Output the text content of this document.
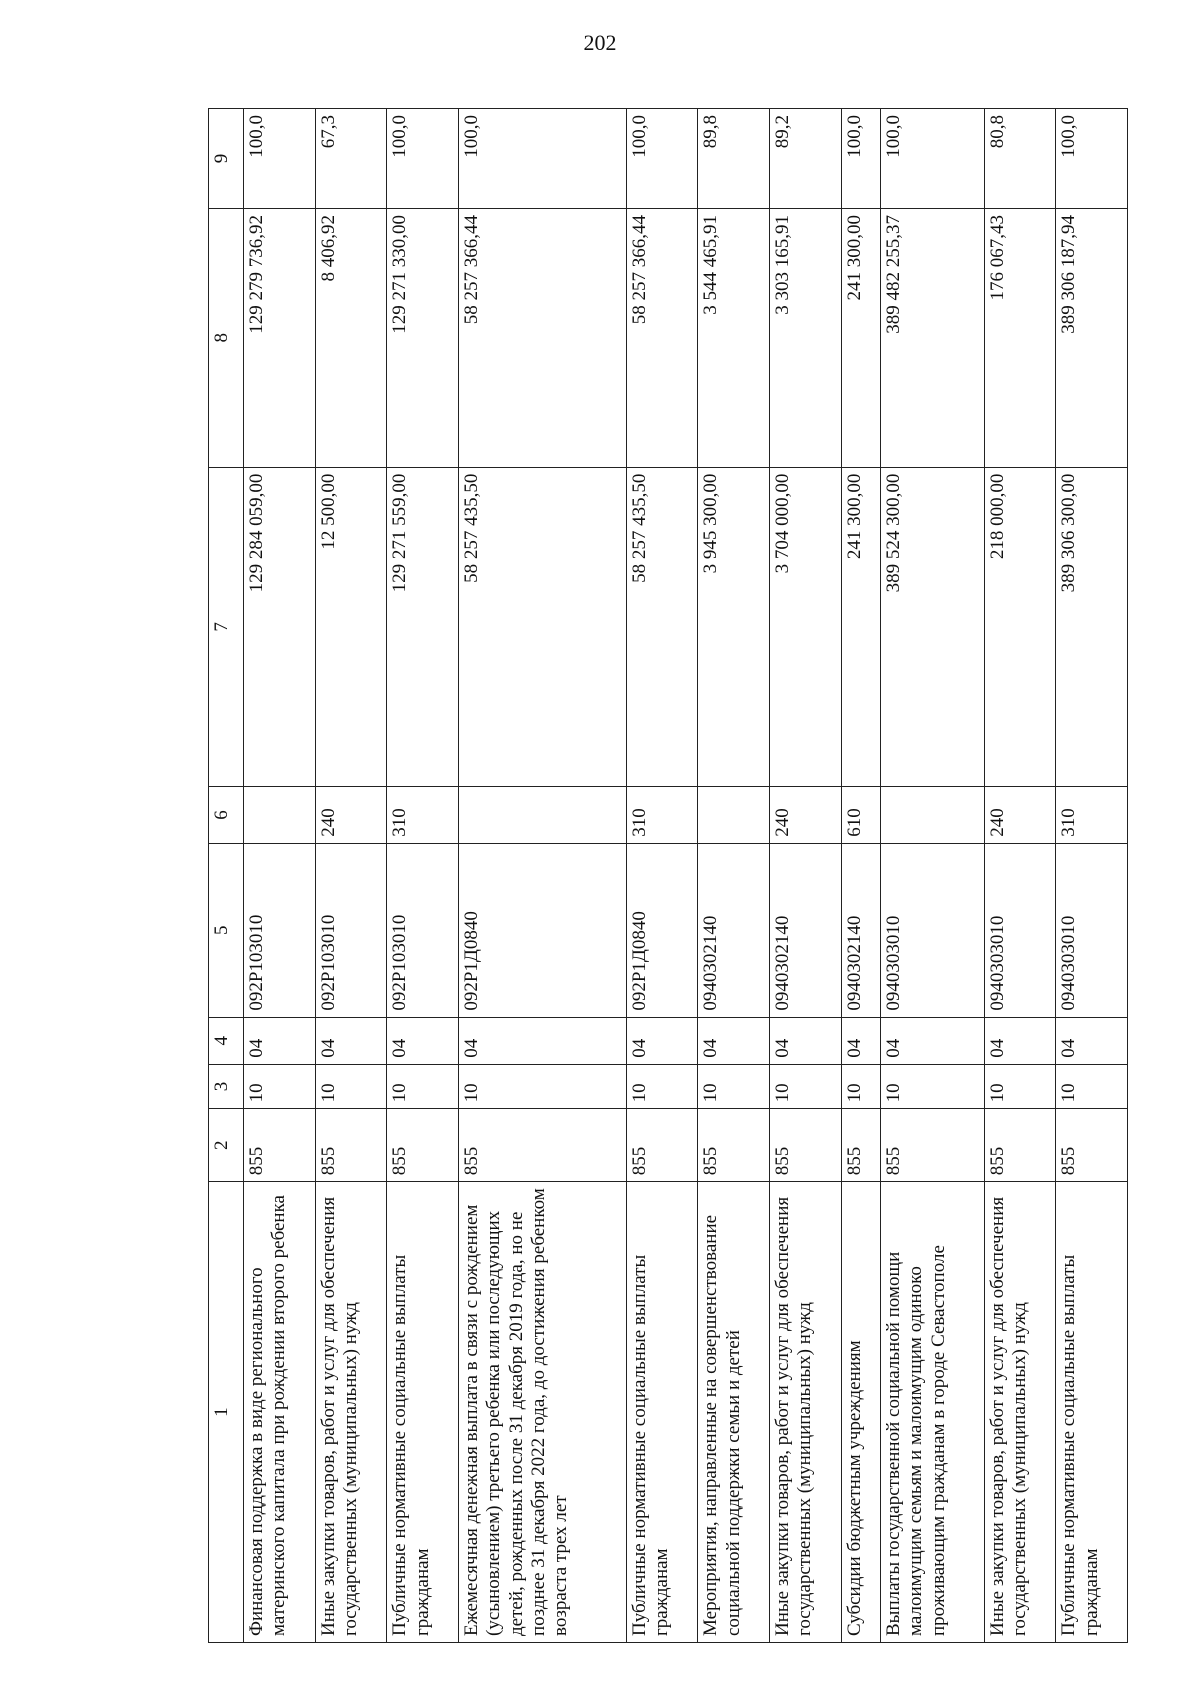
202
1	2	3	4	5	6	7	8	9
Финансовая поддержка в виде регионального материнского капитала при рождении второго ребенка	855	10	04	092P103010		129 284 059,00	129 279 736,92	100,0
Иные закупки товаров, работ и услуг для обеспечения государственных (муниципальных) нужд	855	10	04	092P103010	240	12 500,00	8 406,92	67,3
Публичные нормативные социальные выплаты гражданам	855	10	04	092P103010	310	129 271 559,00	129 271 330,00	100,0
Ежемесячная денежная выплата в связи с рождением (усыновлением) третьего ребенка или последующих детей, рожденных после 31 декабря 2019 года, но не позднее 31 декабря 2022 года, до достижения ребенком возраста трех лет	855	10	04	092P1Д0840		58 257 435,50	58 257 366,44	100,0
Публичные нормативные социальные выплаты гражданам	855	10	04	092P1Д0840	310	58 257 435,50	58 257 366,44	100,0
Мероприятия, направленные на совершенствование социальной поддержки семьи и детей	855	10	04	0940302140		3 945 300,00	3 544 465,91	89,8
Иные закупки товаров, работ и услуг для обеспечения государственных (муниципальных) нужд	855	10	04	0940302140	240	3 704 000,00	3 303 165,91	89,2
Субсидии бюджетным учреждениям	855	10	04	0940302140	610	241 300,00	241 300,00	100,0
Выплаты государственной социальной помощи малоимущим семьям и малоимущим одиноко проживающим гражданам в городе Севастополе	855	10	04	0940303010		389 524 300,00	389 482 255,37	100,0
Иные закупки товаров, работ и услуг для обеспечения государственных (муниципальных) нужд	855	10	04	0940303010	240	218 000,00	176 067,43	80,8
Публичные нормативные социальные выплаты гражданам	855	10	04	0940303010	310	389 306 300,00	389 306 187,94	100,0
